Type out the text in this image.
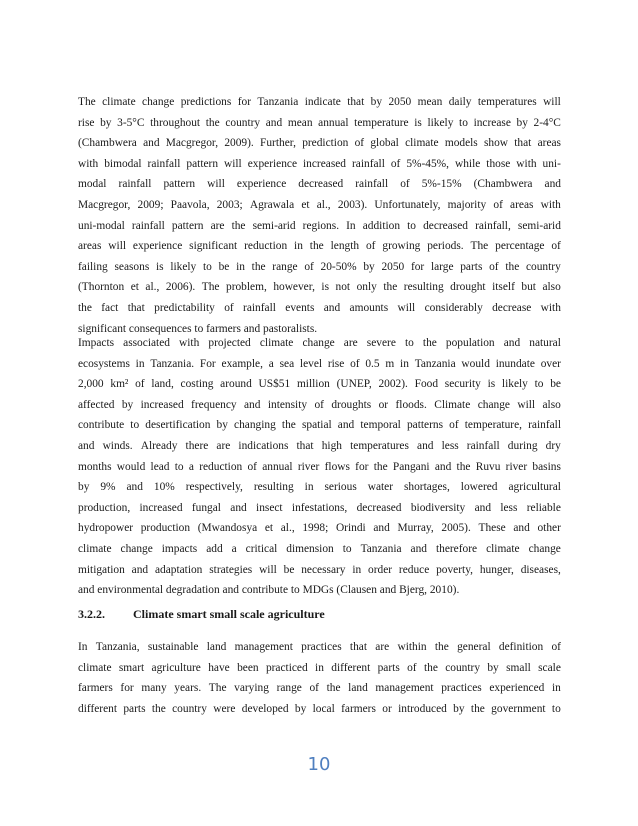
The climate change predictions for Tanzania indicate that by 2050 mean daily temperatures will
rise by 3-5°C throughout the country and mean annual temperature is likely to increase by 2-4°C
(Chambwera and Macgregor, 2009). Further, prediction of global climate models show that areas
with bimodal rainfall pattern will experience increased rainfall of 5%-45%, while those with uni-
modal rainfall pattern will experience decreased rainfall of 5%-15% (Chambwera and
Macgregor, 2009; Paavola, 2003; Agrawala et al., 2003). Unfortunately, majority of areas with
uni-modal rainfall pattern are the semi-arid regions. In addition to decreased rainfall, semi-arid
areas will experience significant reduction in the length of growing periods. The percentage of
failing seasons is likely to be in the range of 20-50% by 2050 for large parts of the country
(Thornton et al., 2006). The problem, however, is not only the resulting drought itself but also
the fact that predictability of rainfall events and amounts will considerably decrease with
significant consequences to farmers and pastoralists.
Impacts associated with projected climate change are severe to the population and natural
ecosystems in Tanzania. For example, a sea level rise of 0.5 m in Tanzania would inundate over
2,000 km² of land, costing around US$51 million (UNEP, 2002). Food security is likely to be
affected by increased frequency and intensity of droughts or floods. Climate change will also
contribute to desertification by changing the spatial and temporal patterns of temperature, rainfall
and winds. Already there are indications that high temperatures and less rainfall during dry
months would lead to a reduction of annual river flows for the Pangani and the Ruvu river basins
by 9% and 10% respectively, resulting in serious water shortages, lowered agricultural
production, increased fungal and insect infestations, decreased biodiversity and less reliable
hydropower production (Mwandosya et al., 1998; Orindi and Murray, 2005). These and other
climate change impacts add a critical dimension to Tanzania and therefore climate change
mitigation and adaptation strategies will be necessary in order reduce poverty, hunger, diseases,
and environmental degradation and contribute to MDGs (Clausen and Bjerg, 2010).
3.2.2. Climate smart small scale agriculture
In Tanzania, sustainable land management practices that are within the general definition of
climate smart agriculture have been practiced in different parts of the country by small scale
farmers for many years. The varying range of the land management practices experienced in
different parts the country were developed by local farmers or introduced by the government to
10
